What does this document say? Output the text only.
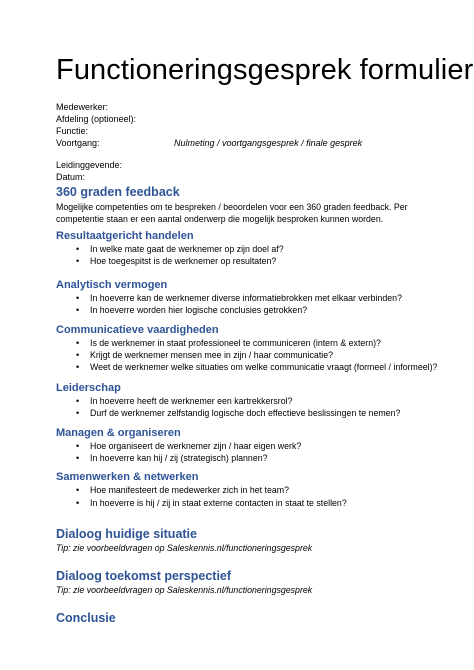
Functioneringsgesprek formulier
Medewerker:
Afdeling (optioneel):
Functie:
Voortgang:	Nulmeting / voortgangsgesprek / finale gesprek
Leidinggevende:
Datum:
360 graden feedback

Mogelijke competenties om te bespreken / beoordelen voor een 360 graden feedback. Per

competentie staan er een aantal onderwerp die mogelijk besproken kunnen worden.

Resultaatgericht handelen
• In welke mate gaat de werknemer op zijn doel af?
• Hoe toegespitst is de werknemer op resultaten?
Analytisch vermogen
• In hoeverre kan de werknemer diverse informatiebrokken met elkaar verbinden?
• In hoeverre worden hier logische conclusies getrokken?
Communicatieve vaardigheden
• Is de werknemer in staat professioneel te communiceren (intern & extern)?
• Krijgt de werknemer mensen mee in zijn / haar communicatie?
• Weet de werknemer welke situaties om welke communicatie vraagt (formeel / informeel)?
Leiderschap
• In hoeverre heeft de werknemer een kartrekkersrol?
• Durf de werknemer zelfstandig logische doch effectieve beslissingen te nemen?
Managen & organiseren
• Hoe organiseert de werknemer zijn / haar eigen werk?
• In hoeverre kan hij / zij (strategisch) plannen?
Samenwerken & netwerken
• Hoe manifesteert de medewerker zich in het team?
• In hoeverre is hij / zij in staat externe contacten in staat te stellen?
Dialoog huidige situatie

Tip: zie voorbeeldvragen op Saleskennis.nl/functioneringsgesprek

Dialoog toekomst perspectief

Tip: zie voorbeeldvragen op Saleskennis.nl/functioneringsgesprek

Conclusie
